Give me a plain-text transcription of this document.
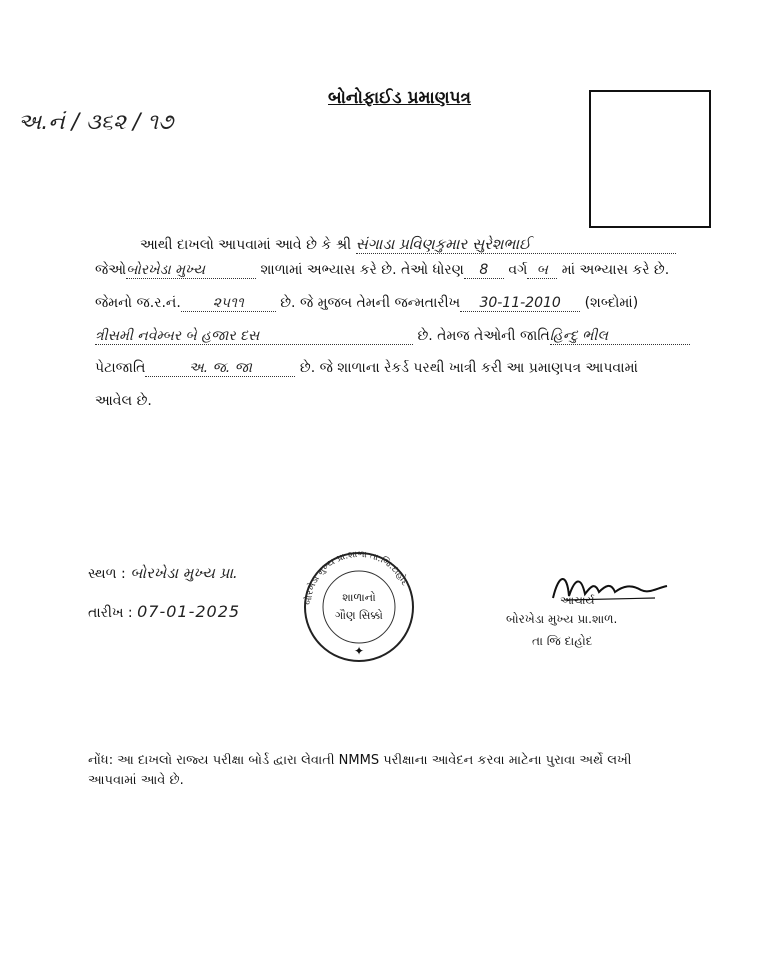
બોનોફાઈડ પ્રમાણપત્ર
અ.નં / ૩૬૨ / ૧૭
આથી દાખલો આપવામાં આવે છે કે શ્રી સંગાડા પ્રવિણકુમાર સુરેશભાઈ
જેઓબોરખેડા મુખ્ય	શાળામાં અભ્યાસ કરે છે. તેઓ ધોરણ 8 વર્ગ બ માં અભ્યાસ કરે છે.
જેમનો જ.ર.નં. ૨૫૧૧	છે. જે મુજબ તેમની જન્મતારીખ 30-11-2010 (શબ્દોમાં)
ત્રીસમી નવેમ્બર બે હજાર દસ	છે. તેમજ તેઓની જાતિહિન્દુ ભીલ
પેટાજાતિ	અ. જ. જા	છે. જે શાળાના રેકર્ડ પરથી ખાત્રી કરી આ પ્રમાણપત્ર આપવામાં
આવેલ છે.
સ્થળ : બોરખેડા મુખ્ય પ્રા.
તારીખ : 07-01-2025
બોરખેડા મુખ્ય પ્રા.શાળા તા.જિ.દાહોદ
શાળાનો
ગૌણ સિક્કો
✦
આચાર્ય
બોરખેડા મુખ્ય પ્રા.શાળ.
તા જિ દાહોદ
નોંધ: આ દાખલો રાજ્ય પરીક્ષા બોર્ડ દ્વારા લેવાતી NMMS પરીક્ષાના આવેદન કરવા માટેના પુરાવા અર્થે લખી
આપવામાં આવે છે.
